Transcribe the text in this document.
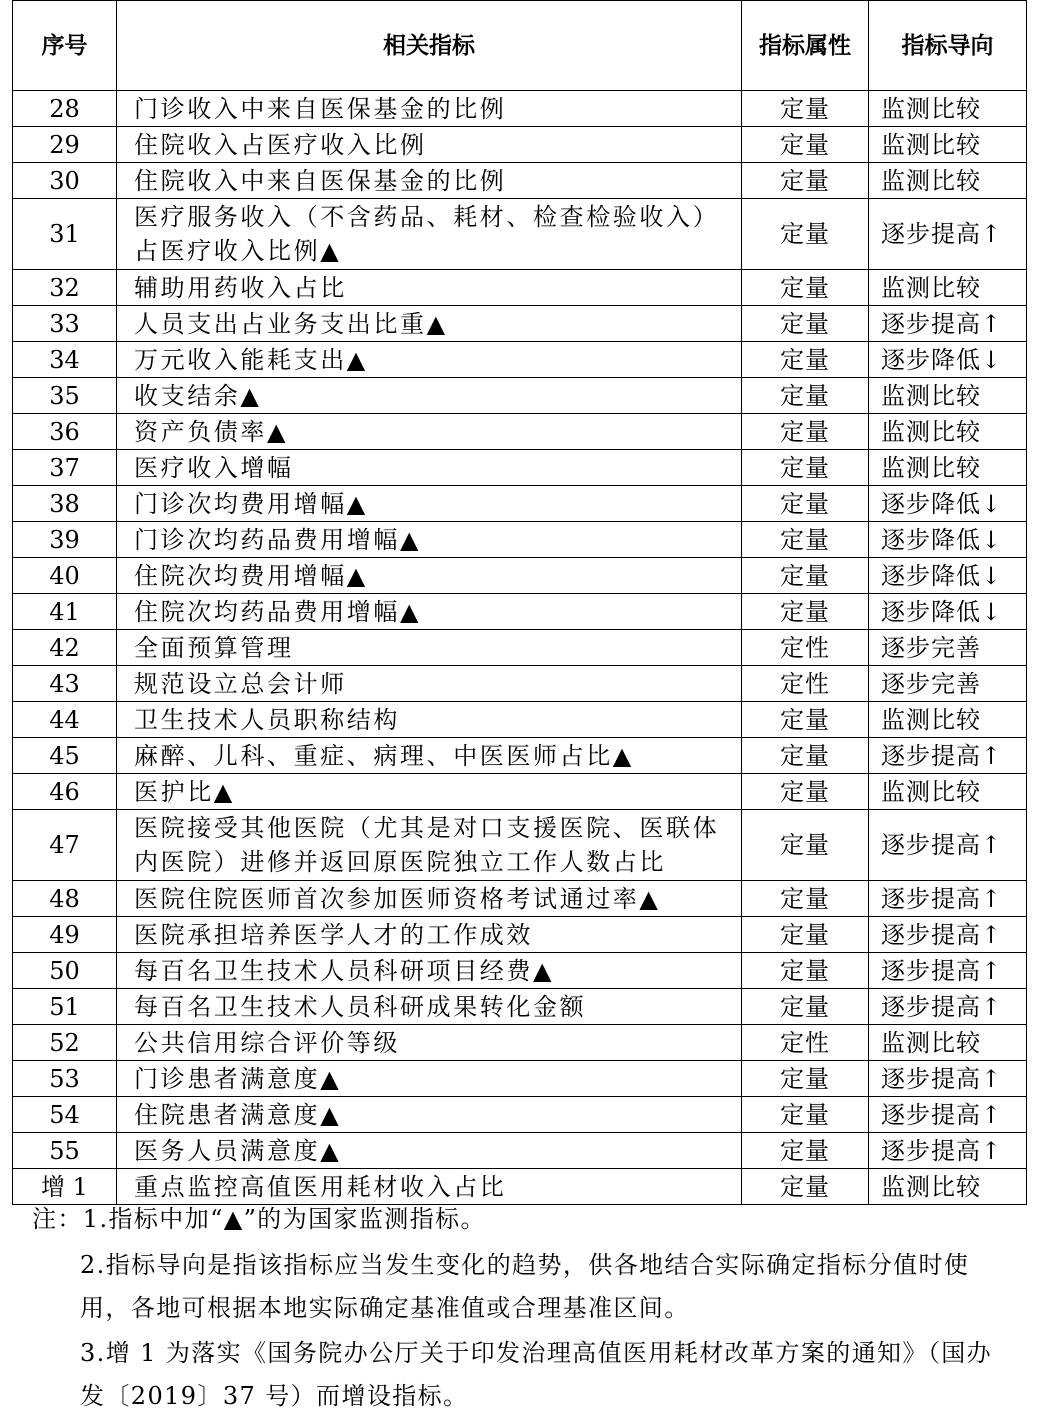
序号	相关指标	指标属性	指标导向
28	门诊收入中来自医保基金的比例	定量	监测比较
29	住院收入占医疗收入比例	定量	监测比较
30	住院收入中来自医保基金的比例	定量	监测比较
31	医疗服务收入（不含药品、耗材、检查检验收入）占医疗收入比例▲	定量	逐步提高↑
32	辅助用药收入占比	定量	监测比较
33	人员支出占业务支出比重▲	定量	逐步提高↑
34	万元收入能耗支出▲	定量	逐步降低↓
35	收支结余▲	定量	监测比较
36	资产负债率▲	定量	监测比较
37	医疗收入增幅	定量	监测比较
38	门诊次均费用增幅▲	定量	逐步降低↓
39	门诊次均药品费用增幅▲	定量	逐步降低↓
40	住院次均费用增幅▲	定量	逐步降低↓
41	住院次均药品费用增幅▲	定量	逐步降低↓
42	全面预算管理	定性	逐步完善
43	规范设立总会计师	定性	逐步完善
44	卫生技术人员职称结构	定量	监测比较
45	麻醉、儿科、重症、病理、中医医师占比▲	定量	逐步提高↑
46	医护比▲	定量	监测比较
47	医院接受其他医院（尤其是对口支援医院、医联体内医院）进修并返回原医院独立工作人数占比	定量	逐步提高↑
48	医院住院医师首次参加医师资格考试通过率▲	定量	逐步提高↑
49	医院承担培养医学人才的工作成效	定量	逐步提高↑
50	每百名卫生技术人员科研项目经费▲	定量	逐步提高↑
51	每百名卫生技术人员科研成果转化金额	定量	逐步提高↑
52	公共信用综合评价等级	定性	监测比较
53	门诊患者满意度▲	定量	逐步提高↑
54	住院患者满意度▲	定量	逐步提高↑
55	医务人员满意度▲	定量	逐步提高↑
增 1	重点监控高值医用耗材收入占比	定量	监测比较
注：1.指标中加“▲”的为国家监测指标。

2.指标导向是指该指标应当发生变化的趋势，供各地结合实际确定指标分值时使用，各地可根据本地实际确定基准值或合理基准区间。

3.增 1 为落实《国务院办公厅关于印发治理高值医用耗材改革方案的通知》（国办发〔2019〕37 号）而增设指标。
